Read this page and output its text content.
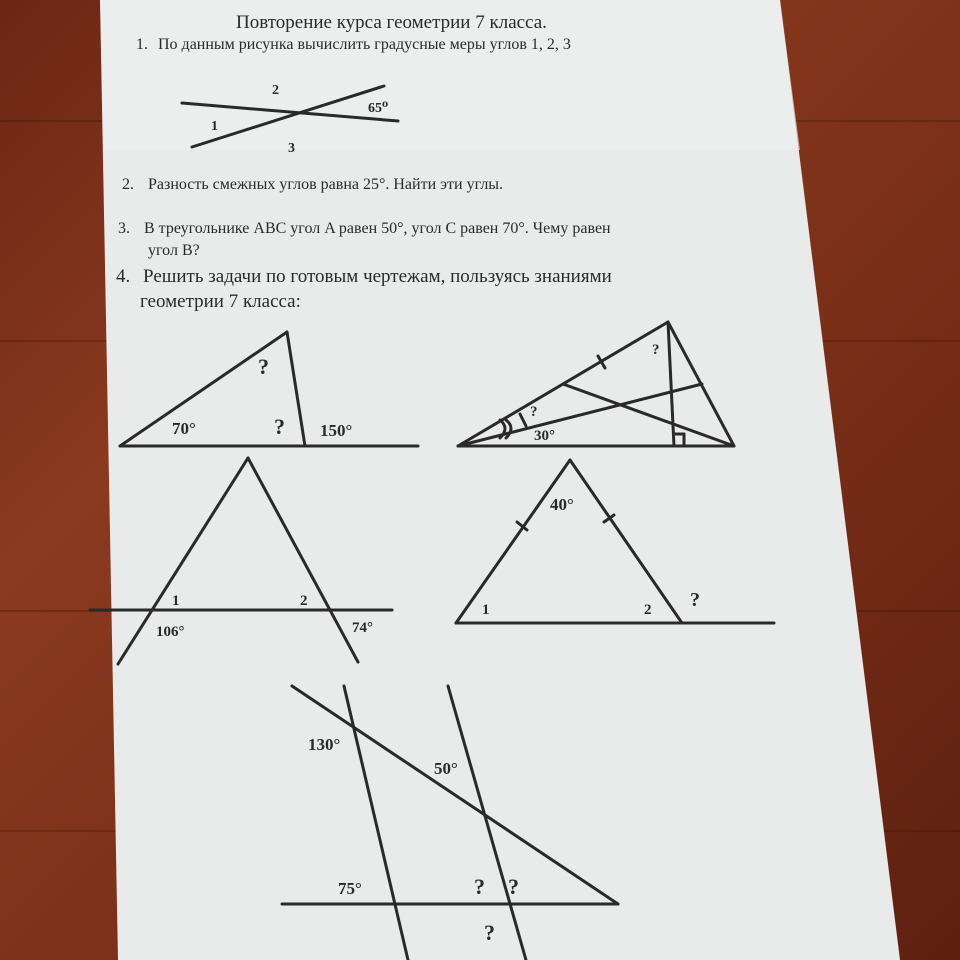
Повторение курса геометрии 7 класса.
1. По данным рисунка вычислить градусные меры углов 1, 2, 3
2. Разность смежных углов равна 25°. Найти эти углы.
3. В треугольнике ABC угол A равен 50°, угол С равен 70°. Чему равен
угол В?
4. Решить задачи по готовым чертежам, пользуясь знаниями
геометрии 7 класса:
2
1
3
65⁰
?
?
70°	150°
?
?
30°
1	2
106°	74°
40°
1	2 ?
130°
50°
75°	? ?
?
